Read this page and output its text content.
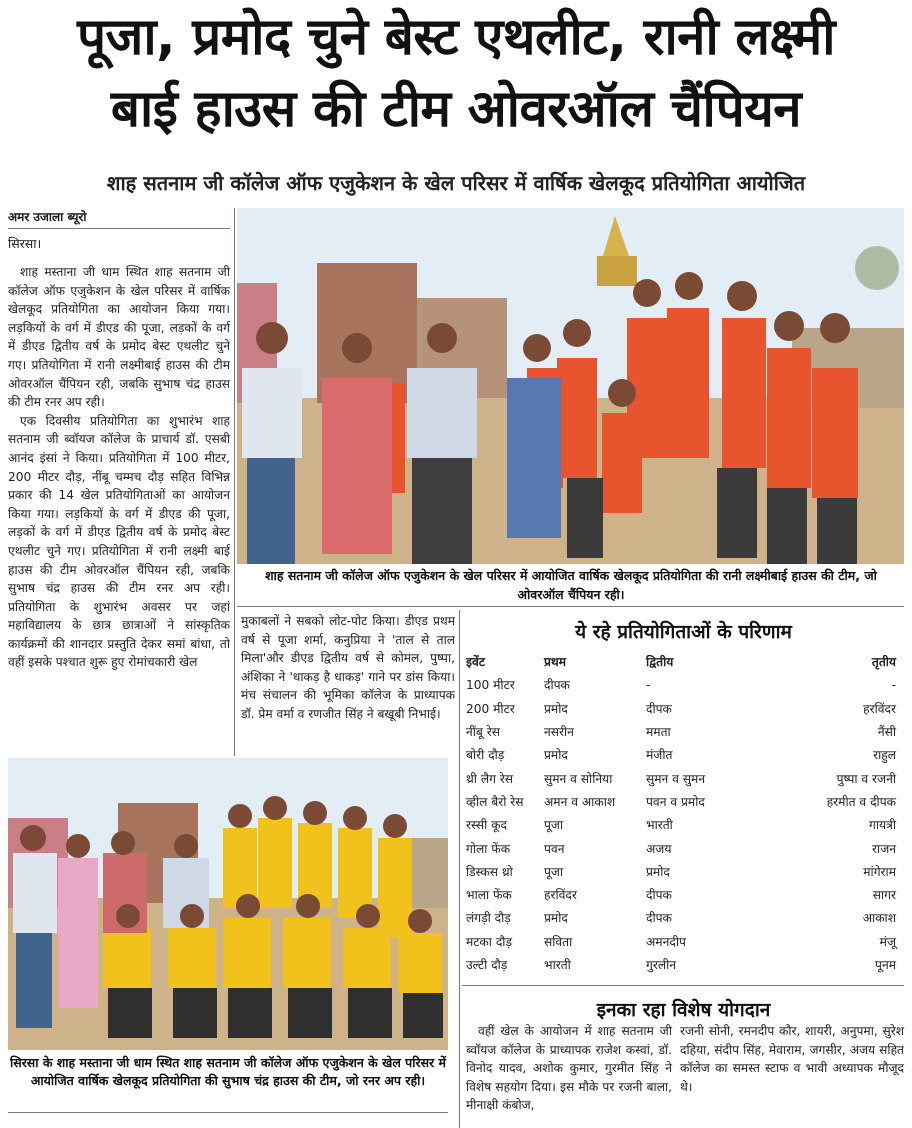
पूजा, प्रमोद चुने बेस्ट एथलीट, रानी लक्ष्मी
बाई हाउस की टीम ओवरऑल चैंपियन
शाह सतनाम जी कॉलेज ऑफ एजुकेशन के खेल परिसर में वार्षिक खेलकूद प्रतियोगिता आयोजित
अमर उजाला ब्यूरो
सिरसा।

शाह मस्ताना जी धाम स्थित शाह सतनाम जी कॉलेज ऑफ एजुकेशन के खेल परिसर में वार्षिक खेलकूद प्रतियोगिता का आयोजन किया गया। लड़कियों के वर्ग में डीएड की पूजा, लड़कों के वर्ग में डीएड द्वितीय वर्ष के प्रमोद बेस्ट एथलीट चुने गए। प्रतियोगिता में रानी लक्ष्मीबाई हाउस की टीम ओवरऑल चैंपियन रही, जबकि सुभाष चंद्र हाउस की टीम रनर अप रही।

एक दिवसीय प्रतियोगिता का शुभारंभ शाह सतनाम जी ब्वॉयज कॉलेज के प्राचार्य डॉ. एसबी आनंद इंसां ने किया। प्रतियोगिता में 100 मीटर, 200 मीटर दौड़, नींबू चम्मच दौड़ सहित विभिन्न प्रकार की 14 खेल प्रतियोगिताओं का आयोजन किया गया। लड़कियों के वर्ग में डीएड की पूजा, लड़कों के वर्ग में डीएड द्वितीय वर्ष के प्रमोद बेस्ट एथलीट चुने गए। प्रतियोगिता में रानी लक्ष्मी बाई हाउस की टीम ओवरऑल चैंपियन रही, जबकि सुभाष चंद्र हाउस की टीम रनर अप रही। प्रतियोगिता के शुभारंभ अवसर पर जहां महाविद्यालय के छात्र छात्राओं ने सांस्कृतिक कार्यक्रमों की शानदार प्रस्तुति देकर समां बांधा, तो वहीं इसके पश्चात शुरू हुए रोमांचकारी खेल

शाह सतनाम जी कॉलेज ऑफ एजुकेशन के खेल परिसर में आयोजित वार्षिक खेलकूद प्रतियोगिता की रानी लक्ष्मीबाई हाउस की टीम, जो ओवरऑल चैंपियन रही।

मुकाबलों ने सबको लोट-पोट किया। डीएड प्रथम वर्ष से पूजा शर्मा, कनुप्रिया ने 'ताल से ताल मिला'और डीएड द्वितीय वर्ष से कोमल, पुष्पा, अंशिका ने 'धाकड़ है धाकड़' गाने पर डांस किया। मंच संचालन की भूमिका कॉलेज के प्राध्यापक डॉ. प्रेम वर्मा व रणजीत सिंह ने बखूबी निभाई।

सिरसा के शाह मस्ताना जी धाम स्थित शाह सतनाम जी कॉलेज ऑफ एजुकेशन के खेल परिसर में आयोजित वार्षिक खेलकूद प्रतियोगिता की सुभाष चंद्र हाउस की टीम, जो रनर अप रही।
ये रहे प्रतियोगिताओं के परिणाम
इवेंट	प्रथम	द्वितीय	तृतीय
100 मीटर	दीपक	-	-
200 मीटर	प्रमोद	दीपक	हरविंदर
नींबू रेस	नसरीन	ममता	नैंसी
बोरी दौड़	प्रमोद	मंजीत	राहुल
थ्री लैग रेस	सुमन व सोनिया	सुमन व सुमन	पुष्पा व रजनी
व्हील बैरो रेस	अमन व आकाश	पवन व प्रमोद	हरमीत व दीपक
रस्सी कूद	पूजा	भारती	गायत्री
गोला फेंक	पवन	अजय	राजन
डिस्कस थ्रो	पूजा	प्रमोद	मांगेराम
भाला फेंक	हरविंदर	दीपक	सागर
लंगड़ी दौड़	प्रमोद	दीपक	आकाश
मटका दौड़	सविता	अमनदीप	मंजू
उल्टी दौड़	भारती	गुरलीन	पूनम
इनका रहा विशेष योगदान

वहीं खेल के आयोजन में शाह सतनाम जी ब्वॉयज कॉलेज के प्राध्यापक राजेश कस्वां, डॉ. विनोद यादव, अशोक कुमार, गुरमीत सिंह ने विशेष सहयोग दिया। इस मौके पर रजनी बाला, मीनाक्षी कंबोज,

रजनी सोनी, रमनदीप कौर, शायरी, अनुपमा, सुरेश दहिया, संदीप सिंह, मेवाराम, जगसीर, अजय सहित कॉलेज का समस्त स्टाफ व भावी अध्यापक मौजूद थे।
